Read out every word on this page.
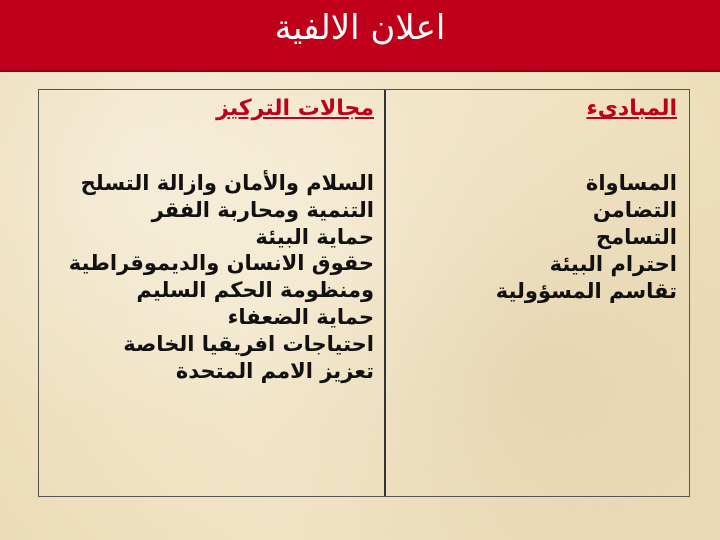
اعلان الالفية
المبادىء
المساواة
التضامن
التسامح
احترام البيئة
تقاسم المسؤولية
مجالات التركيز
السلام والأمان وازالة التسلح
التنمية ومحاربة الفقر
حماية البيئة
حقوق الانسان والديموقراطية
ومنظومة الحكم السليم
حماية الضعفاء
احتياجات افريقيا الخاصة
تعزيز الامم المتحدة
